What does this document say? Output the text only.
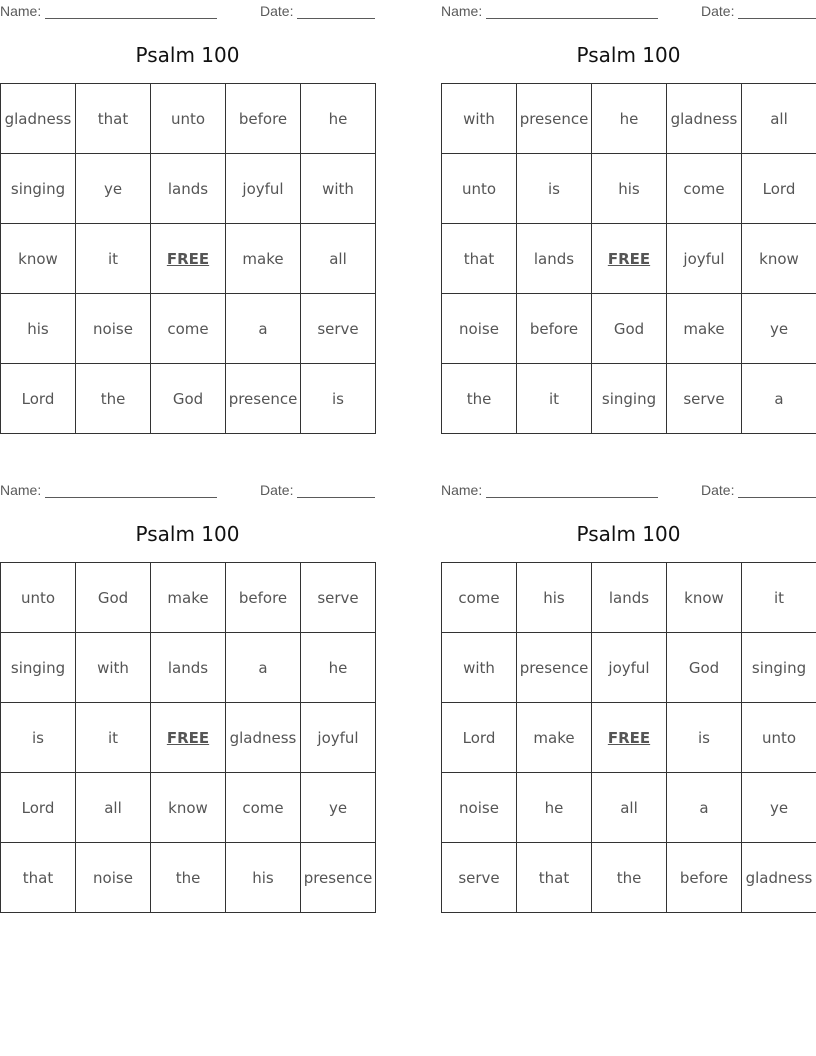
Name:	Date:
Psalm 100
gladness	that	unto	before	he
singing	ye	lands	joyful	with
know	it	FREE	make	all
his	noise	come	a	serve
Lord	the	God	presence	is
Name:	Date:
Psalm 100
with	presence	he	gladness	all
unto	is	his	come	Lord
that	lands	FREE	joyful	know
noise	before	God	make	ye
the	it	singing	serve	a
Name:	Date:
Psalm 100
unto	God	make	before	serve
singing	with	lands	a	he
is	it	FREE	gladness	joyful
Lord	all	know	come	ye
that	noise	the	his	presence
Name:	Date:
Psalm 100
come	his	lands	know	it
with	presence	joyful	God	singing
Lord	make	FREE	is	unto
noise	he	all	a	ye
serve	that	the	before	gladness
